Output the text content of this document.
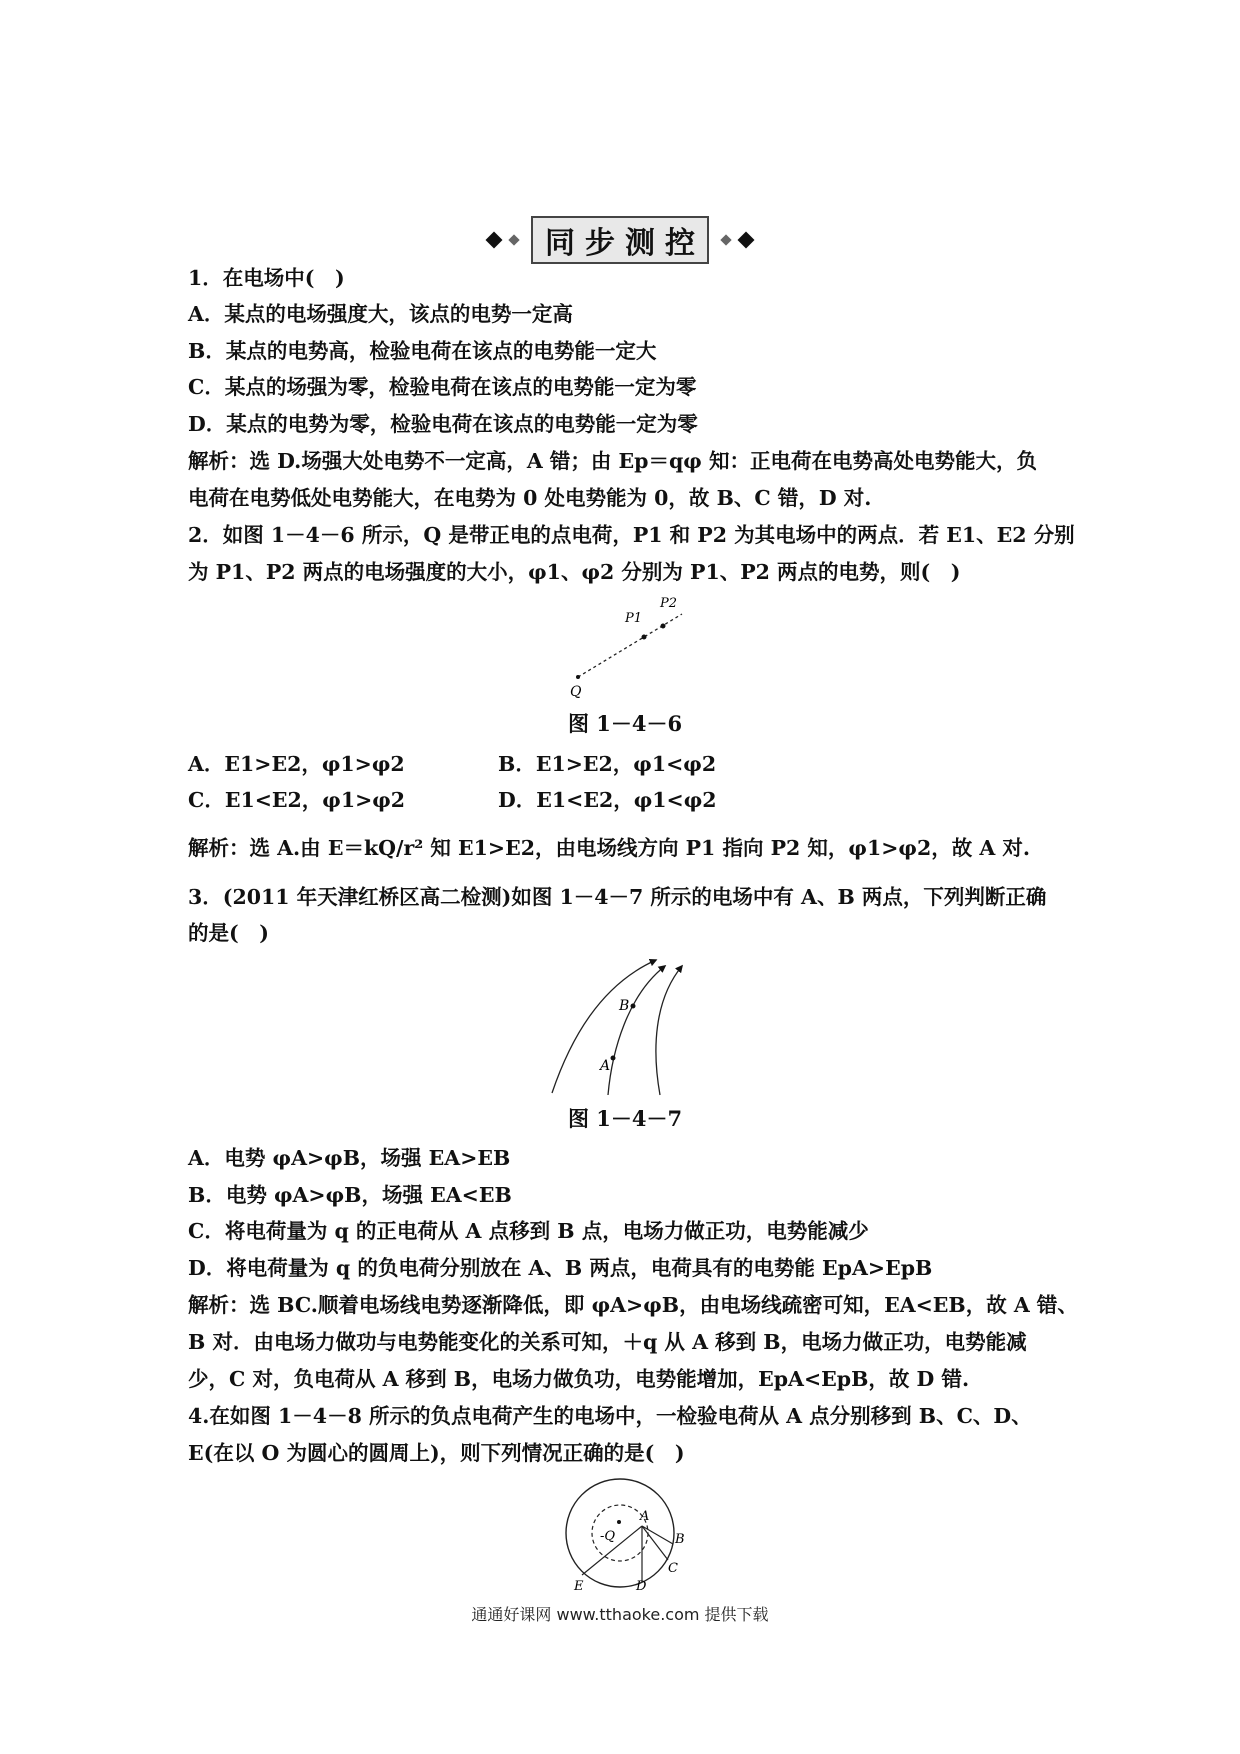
同步测控
1．在电场中(　)
A．某点的电场强度大，该点的电势一定高
B．某点的电势高，检验电荷在该点的电势能一定大
C．某点的场强为零，检验电荷在该点的电势能一定为零
D．某点的电势为零，检验电荷在该点的电势能一定为零
解析：选 D.场强大处电势不一定高，A 错；由 Ep＝qφ 知：正电荷在电势高处电势能大，负
电荷在电势低处电势能大，在电势为 0 处电势能为 0，故 B、C 错，D 对.
2．如图 1－4－6 所示，Q 是带正电的点电荷，P1 和 P2 为其电场中的两点．若 E1、E2 分别
为 P1、P2 两点的电场强度的大小，φ1、φ2 分别为 P1、P2 两点的电势，则(　)
P1
P2
Q
图 1－4－6
A．E1>E2，φ1>φ2	B．E1>E2，φ1<φ2
C．E1<E2，φ1>φ2	D．E1<E2，φ1<φ2
解析：选 A.由 E＝kQ/r² 知 E1>E2，由电场线方向 P1 指向 P2 知，φ1>φ2，故 A 对.
3．(2011 年天津红桥区高二检测)如图 1－4－7 所示的电场中有 A、B 两点，下列判断正确
的是(　)
A
B
图 1－4－7
A．电势 φA>φB，场强 EA>EB
B．电势 φA>φB，场强 EA<EB
C．将电荷量为 q 的正电荷从 A 点移到 B 点，电场力做正功，电势能减少
D．将电荷量为 q 的负电荷分别放在 A、B 两点，电荷具有的电势能 EpA>EpB
解析：选 BC.顺着电场线电势逐渐降低，即 φA>φB，由电场线疏密可知，EA<EB，故 A 错、
B 对．由电场力做功与电势能变化的关系可知，＋q 从 A 移到 B，电场力做正功，电势能减
少，C 对，负电荷从 A 移到 B，电场力做负功，电势能增加，EpA<EpB，故 D 错.
4.在如图 1－4－8 所示的负点电荷产生的电场中，一检验电荷从 A 点分别移到 B、C、D、
E(在以 O 为圆心的圆周上)，则下列情况正确的是(　)
-Q
A
B
C
D
E
通通好课网 www.tthaoke.com 提供下载
